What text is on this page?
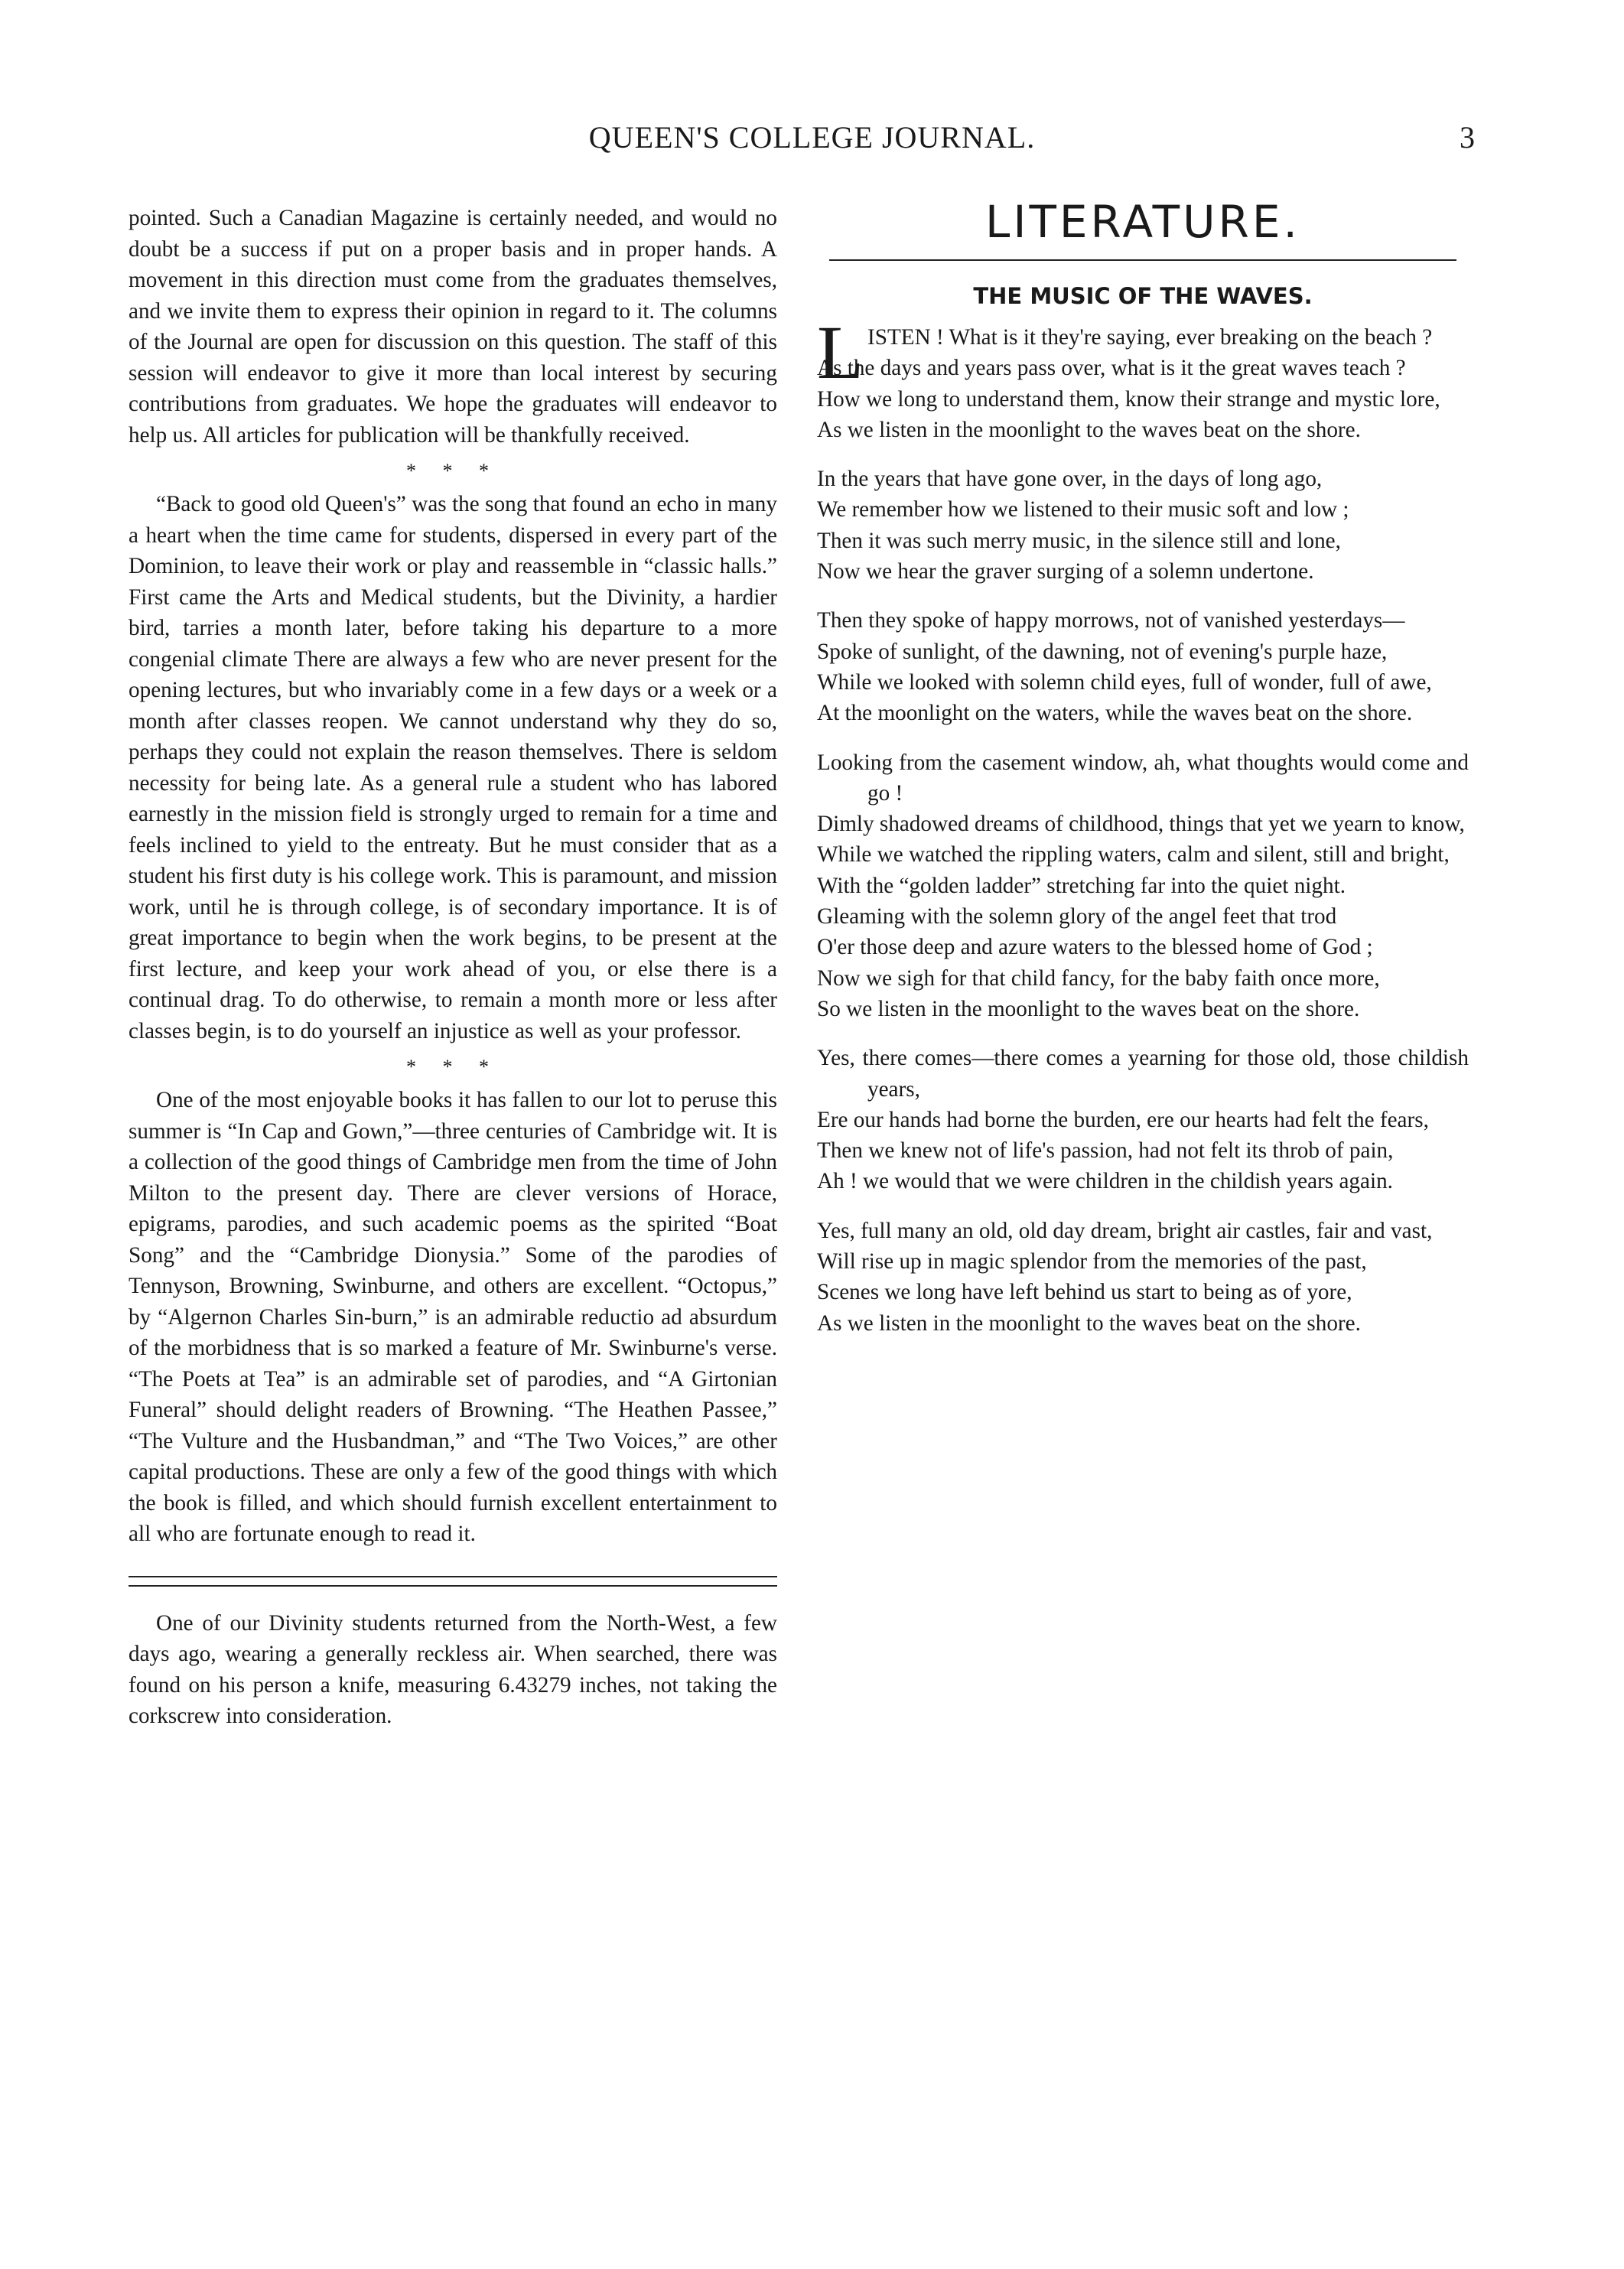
QUEEN'S COLLEGE JOURNAL.	3

pointed. Such a Canadian Magazine is certainly needed, and would no doubt be a success if put on a proper basis and in proper hands. A movement in this direction must come from the graduates themselves, and we invite them to express their opinion in regard to it. The columns of the Journal are open for discussion on this question. The staff of this session will endeavor to give it more than local interest by securing contributions from graduates. We hope the graduates will endeavor to help us. All articles for publication will be thankfully received.

* * *

“Back to good old Queen's” was the song that found an echo in many a heart when the time came for students, dispersed in every part of the Dominion, to leave their work or play and reassemble in “classic halls.” First came the Arts and Medical students, but the Divinity, a hardier bird, tarries a month later, before taking his departure to a more congenial climate There are always a few who are never present for the opening lectures, but who invariably come in a few days or a week or a month after classes reopen. We cannot understand why they do so, perhaps they could not explain the reason themselves. There is seldom necessity for being late. As a general rule a student who has labored earnestly in the mission field is strongly urged to remain for a time and feels inclined to yield to the entreaty. But he must consider that as a student his first duty is his college work. This is paramount, and mission work, until he is through college, is of secondary importance. It is of great importance to begin when the work begins, to be present at the first lecture, and keep your work ahead of you, or else there is a continual drag. To do otherwise, to remain a month more or less after classes begin, is to do yourself an injustice as well as your professor.

* * *

One of the most enjoyable books it has fallen to our lot to peruse this summer is “In Cap and Gown,”—three centuries of Cambridge wit. It is a collection of the good things of Cambridge men from the time of John Milton to the present day. There are clever versions of Horace, epigrams, parodies, and such academic poems as the spirited “Boat Song” and the “Cambridge Dionysia.” Some of the parodies of Tennyson, Browning, Swinburne, and others are excellent. “Octopus,” by “Algernon Charles Sin-burn,” is an admirable reductio ad absurdum of the morbidness that is so marked a feature of Mr. Swinburne's verse. “The Poets at Tea” is an admirable set of parodies, and “A Girtonian Funeral” should delight readers of Browning. “The Heathen Passee,” “The Vulture and the Husbandman,” and “The Two Voices,” are other capital productions. These are only a few of the good things with which the book is filled, and which should furnish excellent entertainment to all who are fortunate enough to read it.

One of our Divinity students returned from the North-West, a few days ago, wearing a generally reckless air. When searched, there was found on his person a knife, measuring 6.43279 inches, not taking the corkscrew into consideration.

LITERATURE.
THE MUSIC OF THE WAVES.
L ISTEN ! What is it they're saying, ever breaking on the beach ?
As the days and years pass over, what is it the great waves teach ?
How we long to understand them, know their strange and mystic lore,
As we listen in the moonlight to the waves beat on the shore.
In the years that have gone over, in the days of long ago,
We remember how we listened to their music soft and low ;
Then it was such merry music, in the silence still and lone,
Now we hear the graver surging of a solemn undertone.
Then they spoke of happy morrows, not of vanished yesterdays—
Spoke of sunlight, of the dawning, not of evening's purple haze,
While we looked with solemn child eyes, full of wonder, full of awe,
At the moonlight on the waters, while the waves beat on the shore.
Looking from the casement window, ah, what thoughts would come and go !
Dimly shadowed dreams of childhood, things that yet we yearn to know,
While we watched the rippling waters, calm and silent, still and bright,
With the “golden ladder” stretching far into the quiet night.
Gleaming with the solemn glory of the angel feet that trod
O'er those deep and azure waters to the blessed home of God ;
Now we sigh for that child fancy, for the baby faith once more,
So we listen in the moonlight to the waves beat on the shore.
Yes, there comes—there comes a yearning for those old, those childish years,
Ere our hands had borne the burden, ere our hearts had felt the fears,
Then we knew not of life's passion, had not felt its throb of pain,
Ah ! we would that we were children in the childish years again.
Yes, full many an old, old day dream, bright air castles, fair and vast,
Will rise up in magic splendor from the memories of the past,
Scenes we long have left behind us start to being as of yore,
As we listen in the moonlight to the waves beat on the shore.
